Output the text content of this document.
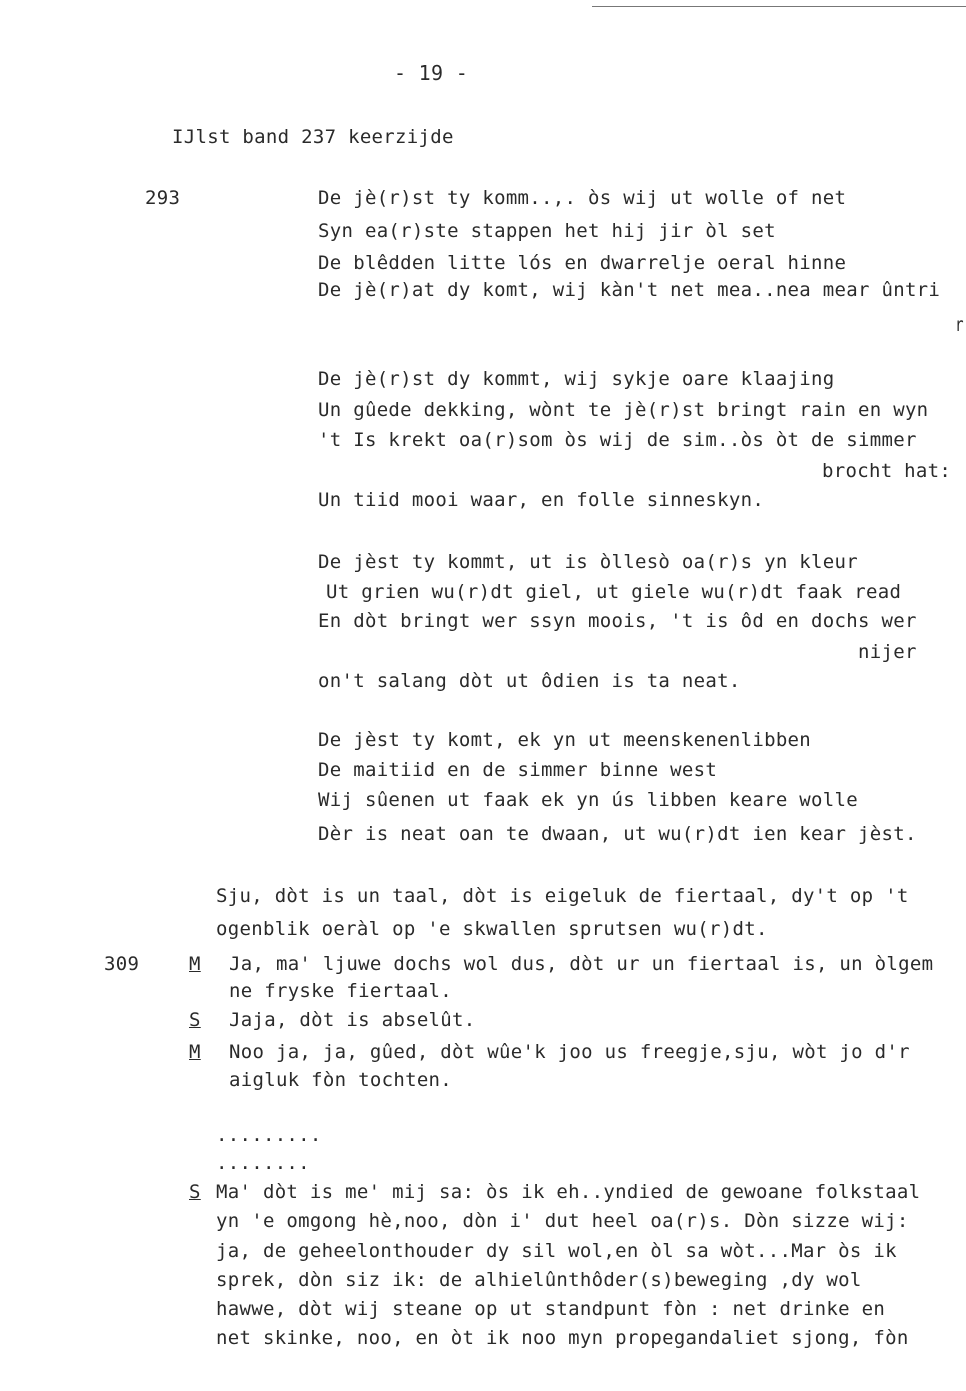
- 19 -
IJlst band 237 keerzijde
293	De jè(r)st ty komm..,. òs wij ut wolle of net
Syn ea(r)ste stappen het hij jir òl set
De blêdden litte lós en dwarrelje oeral hinne
De jè(r)at dy komt, wij kàn't net mea..nea mear ûntri
r
De jè(r)st dy kommt, wij sykje oare klaajing
Un gûede dekking, wònt te jè(r)st bringt rain en wyn
't Is krekt oa(r)som òs wij de sim..òs òt de simmer
brocht hat:
Un tiid mooi waar, en folle sinneskyn.
De jèst ty kommt, ut is òllesò oa(r)s yn kleur
Ut grien wu(r)dt giel, ut giele wu(r)dt faak read
En dòt bringt wer ssyn moois, 't is ôd en dochs wer
nijer
on't salang dòt ut ôdien is ta neat.
De jèst ty komt, ek yn ut meenskenenlibben
De maitiid en de simmer binne west
Wij sûenen ut faak ek yn ús libben keare wolle
Dèr is neat oan te dwaan, ut wu(r)dt ien kear jèst.
Sju, dòt is un taal, dòt is eigeluk de fiertaal, dy't op 't
ogenblik oeràl op 'e skwallen sprutsen wu(r)dt.
309	M Ja, ma' ljuwe dochs wol dus, dòt ur un fiertaal is, un òlgem
ne fryske fiertaal.
S Jaja, dòt is abselût.
M Noo ja, ja, gûed, dòt wûe'k joo us freegje,sju, wòt jo d'r
aigluk fòn tochten.
.........
........
S Ma' dòt is me' mij sa: òs ik eh..yndied de gewoane folkstaal
yn 'e omgong hè,noo, dòn i' dut heel oa(r)s. Dòn sizze wij:
ja, de geheelonthouder dy sil wol,en òl sa wòt...Mar òs ik
sprek, dòn siz ik: de alhielûnthôder(s)beweging ,dy wol
hawwe, dòt wij steane op ut standpunt fòn : net drinke en
net skinke, noo, en òt ik noo myn propegandaliet sjong, fòn
